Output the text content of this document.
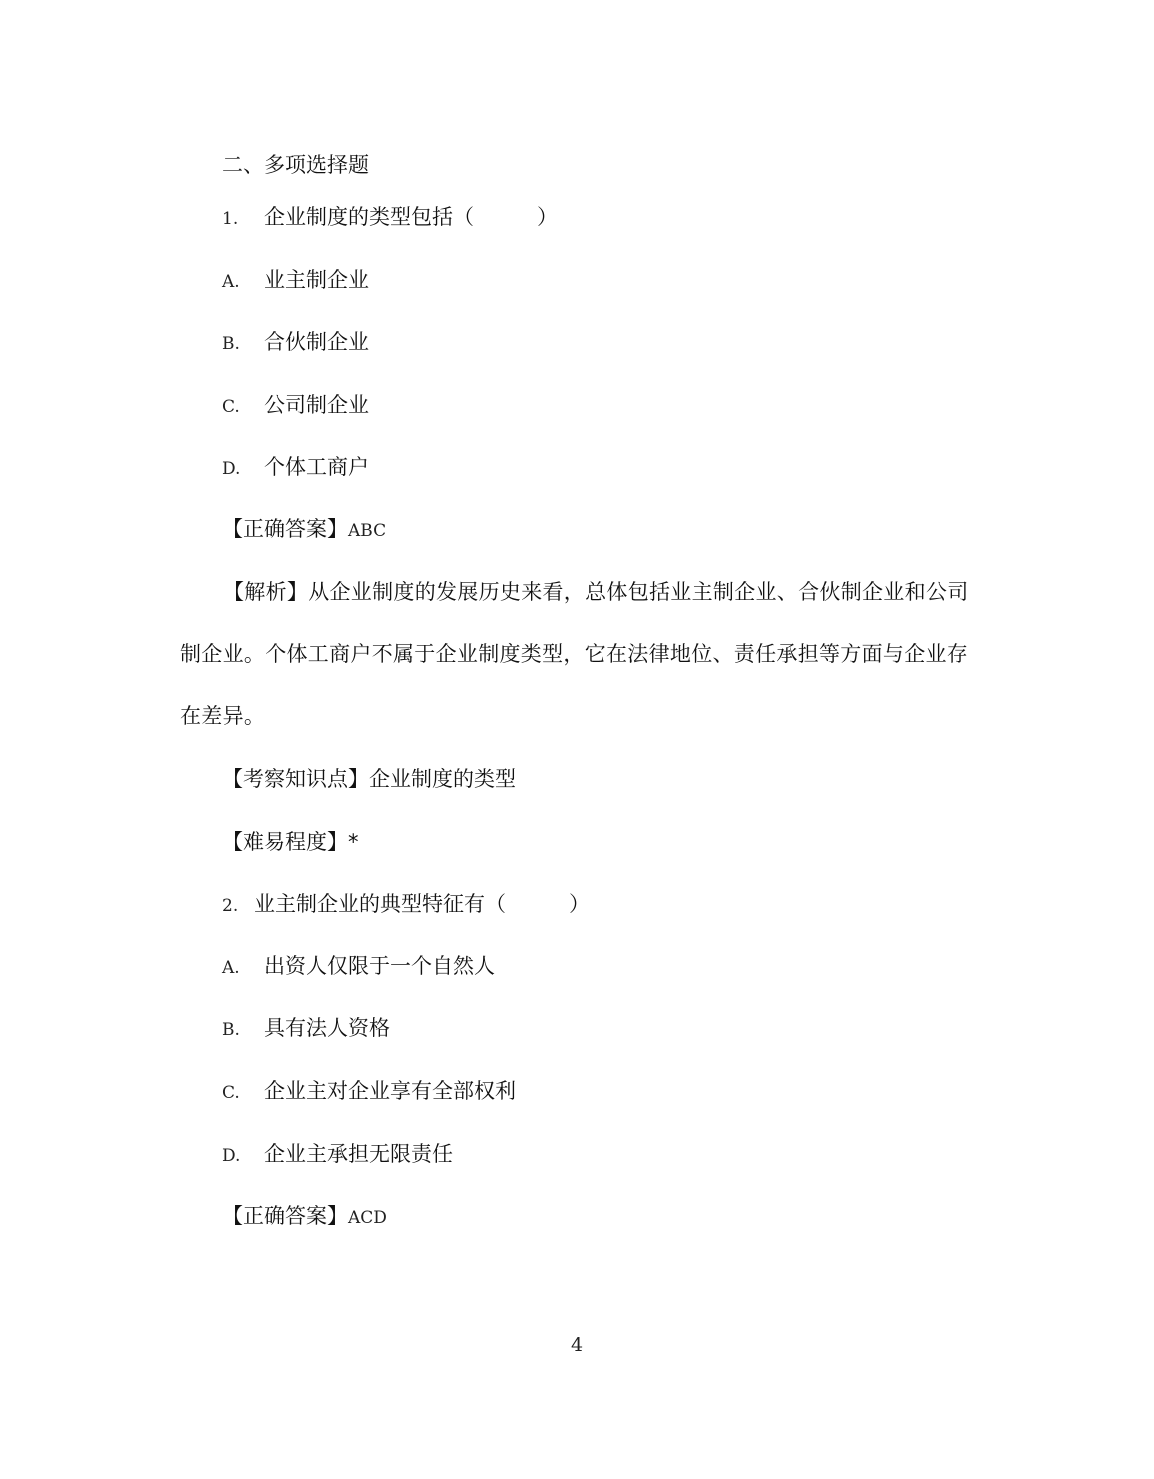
二、多项选择题
1. 企业制度的类型包括（　　　）
A. 业主制企业
B. 合伙制企业
C. 公司制企业
D. 个体工商户
【正确答案】ABC
【解析】从企业制度的发展历史来看，总体包括业主制企业、合伙制企业和公司制企业。个体工商户不属于企业制度类型，它在法律地位、责任承担等方面与企业存在差异。
【考察知识点】企业制度的类型
【难易程度】*
2. 业主制企业的典型特征有（　　　）
A. 出资人仅限于一个自然人
B. 具有法人资格
C. 企业主对企业享有全部权利
D. 企业主承担无限责任
【正确答案】ACD
4
